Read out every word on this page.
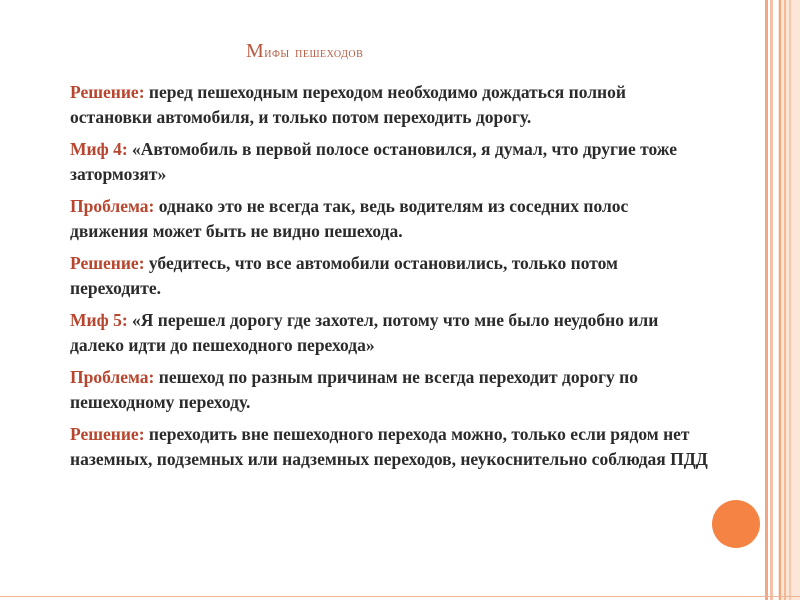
Мифы пешеходов
Решение: перед пешеходным переходом необходимо дождаться полной остановки автомобиля, и только потом переходить дорогу.
Миф 4: «Автомобиль в первой полосе остановился, я думал, что другие тоже затормозят»
Проблема: однако это не всегда так, ведь водителям из соседних полос движения может быть не видно пешехода.
Решение: убедитесь, что все автомобили остановились, только потом переходите.
Миф 5: «Я перешел дорогу где захотел, потому что мне было неудобно или далеко идти до пешеходного перехода»
Проблема: пешеход по разным причинам не всегда переходит дорогу по пешеходному переходу.
Решение: переходить вне пешеходного перехода можно, только если рядом нет наземных, подземных или надземных переходов, неукоснительно соблюдая ПДД
